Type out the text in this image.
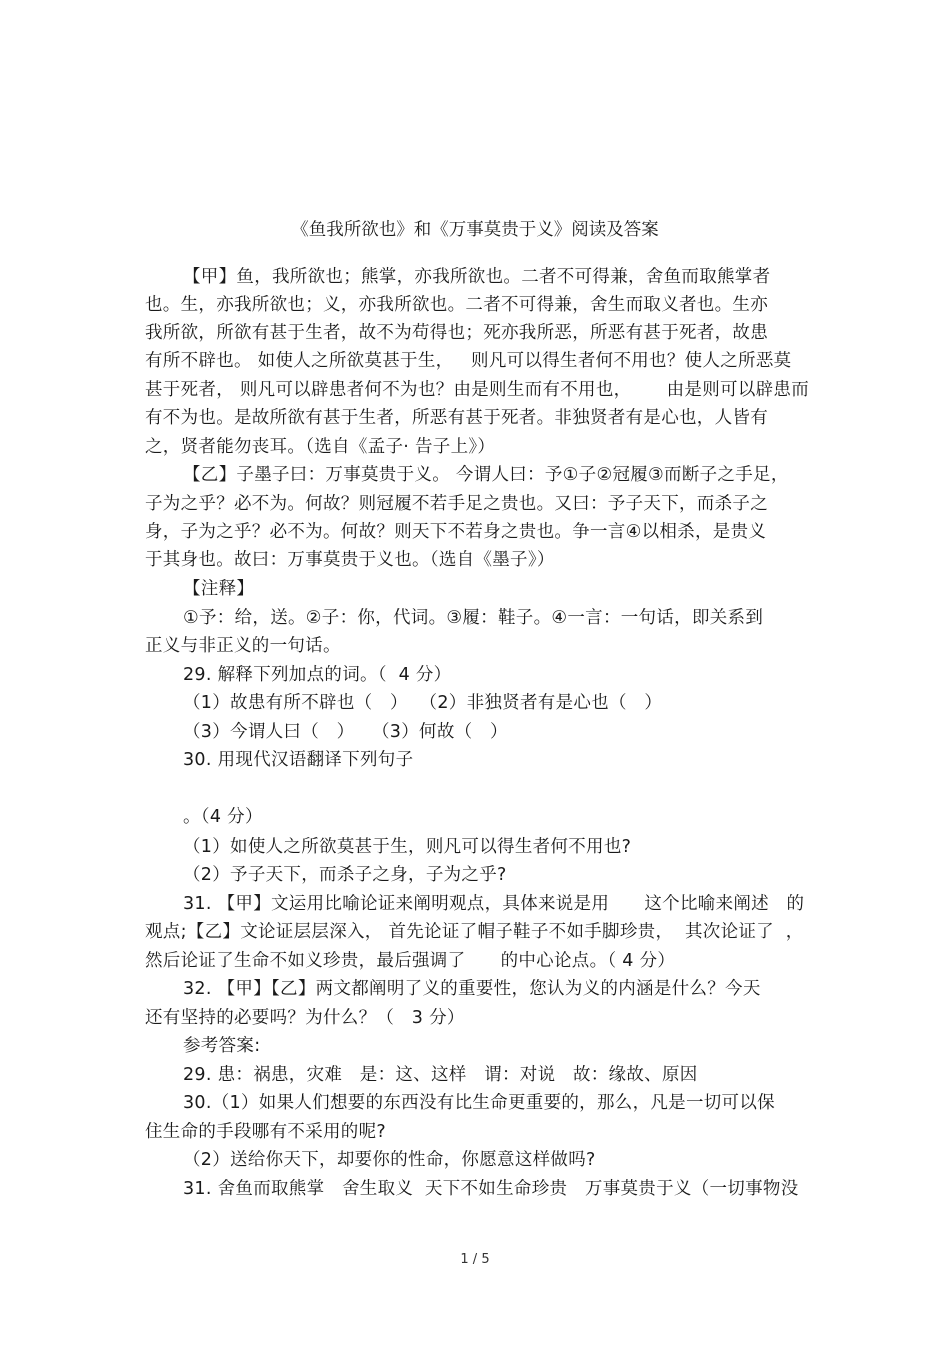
《鱼我所欲也》和《万事莫贵于义》阅读及答案
【甲】鱼，我所欲也；熊掌，亦我所欲也。二者不可得兼，舍鱼而取熊掌者
也。生，亦我所欲也；义，亦我所欲也。二者不可得兼，舍生而取义者也。生亦
我所欲，所欲有甚于生者，故不为苟得也；死亦我所恶，所恶有甚于死者，故患
有所不辟也。 如使人之所欲莫甚于生，   则凡可以得生者何不用也？使人之所恶莫
甚于死者， 则凡可以辟患者何不为也？由是则生而有不用也，      由是则可以辟患而
有不为也。是故所欲有甚于生者，所恶有甚于死者。非独贤者有是心也，人皆有
之，贤者能勿丧耳。（选自《孟子· 告子上》）
【乙】子墨子曰：万事莫贵于义。 今谓人曰：予①子②冠履③而断子之手足，
子为之乎？必不为。何故？则冠履不若手足之贵也。又曰：予子天下，而杀子之
身，子为之乎？必不为。何故？则天下不若身之贵也。争一言④以相杀，是贵义
于其身也。故曰：万事莫贵于义也。（选自《墨子》）
【注释】
①予：给，送。②子：你，代词。③履：鞋子。④一言：一句话，即关系到
正义与非正义的一句话。
29. 解释下列加点的词。（  4 分）
（1）故患有所不辟也（   ）  （2）非独贤者有是心也（   ）
（3）今谓人曰（   ）   （3）何故（   ）
30. 用现代汉语翻译下列句子
。（4 分）
（1）如使人之所欲莫甚于生，则凡可以得生者何不用也?
（2）予子天下，而杀子之身，子为之乎?
31. 【甲】文运用比喻论证来阐明观点，具体来说是用      这个比喻来阐述   的
观点;【乙】文论证层层深入， 首先论证了帽子鞋子不如手脚珍贵，  其次论证了  ，
然后论证了生命不如义珍贵，最后强调了      的中心论点。（ 4 分）
32. 【甲】【乙】两文都阐明了义的重要性，您认为义的内涵是什么？今天
还有坚持的必要吗？为什么？（   3 分）
参考答案:
29. 患：祸患，灾难   是：这、这样   谓：对说   故：缘故、原因
30.（1）如果人们想要的东西没有比生命更重要的，那么，凡是一切可以保
住生命的手段哪有不采用的呢?
（2）送给你天下，却要你的性命，你愿意这样做吗?
31. 舍鱼而取熊掌   舍生取义  天下不如生命珍贵   万事莫贵于义（一切事物没
1 / 5
